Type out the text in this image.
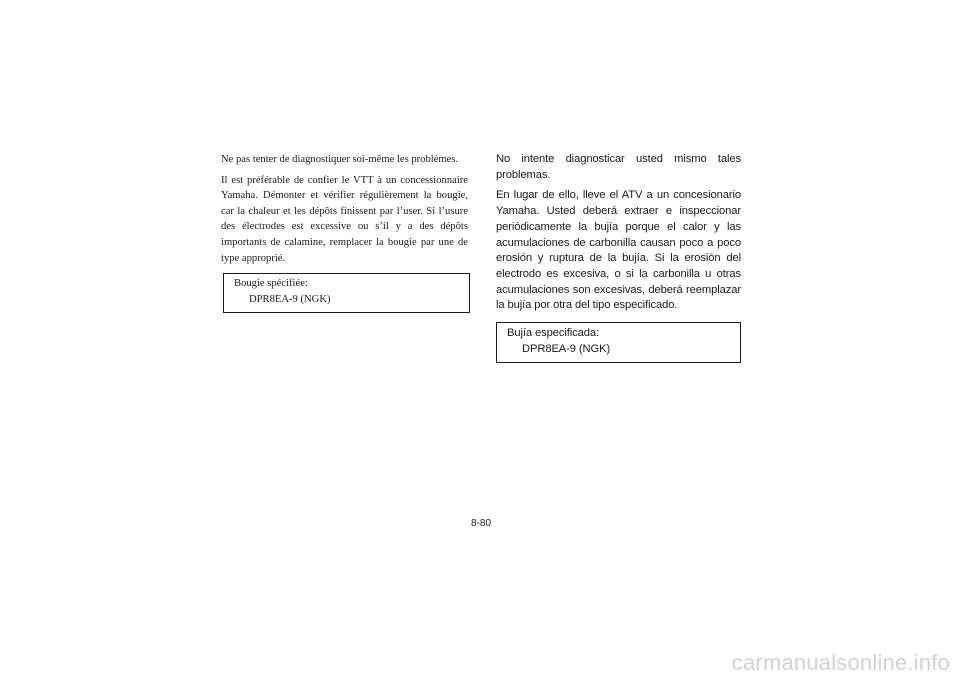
Ne pas tenter de diagnostiquer soi-même les problèmes.

Il est préférable de confier le VTT à un concessionnaire Yamaha. Démonter et vérifier régulièrement la bougie, car la chaleur et les dépôts finissent par l’user. Si l’usure des électrodes est excessive ou s’il y a des dépôts importants de calamine, remplacer la bougie par une de type approprié.

Bougie spécifiée:
DPR8EA-9 (NGK)

No intente diagnosticar usted mismo tales problemas.

En lugar de ello, lleve el ATV a un concesionario Yamaha. Usted deberá extraer e inspeccionar periódicamente la bujía porque el calor y las acumulaciones de carbonilla causan poco a poco erosión y ruptura de la bujía. Si la erosión del electrodo es excesiva, o si la carbonilla u otras acumulaciones son excesivas, deberá reemplazar la bujía por otra del tipo especificado.

Bujía especificada:
DPR8EA-9 (NGK)
8-80
carmanualsonline.info
